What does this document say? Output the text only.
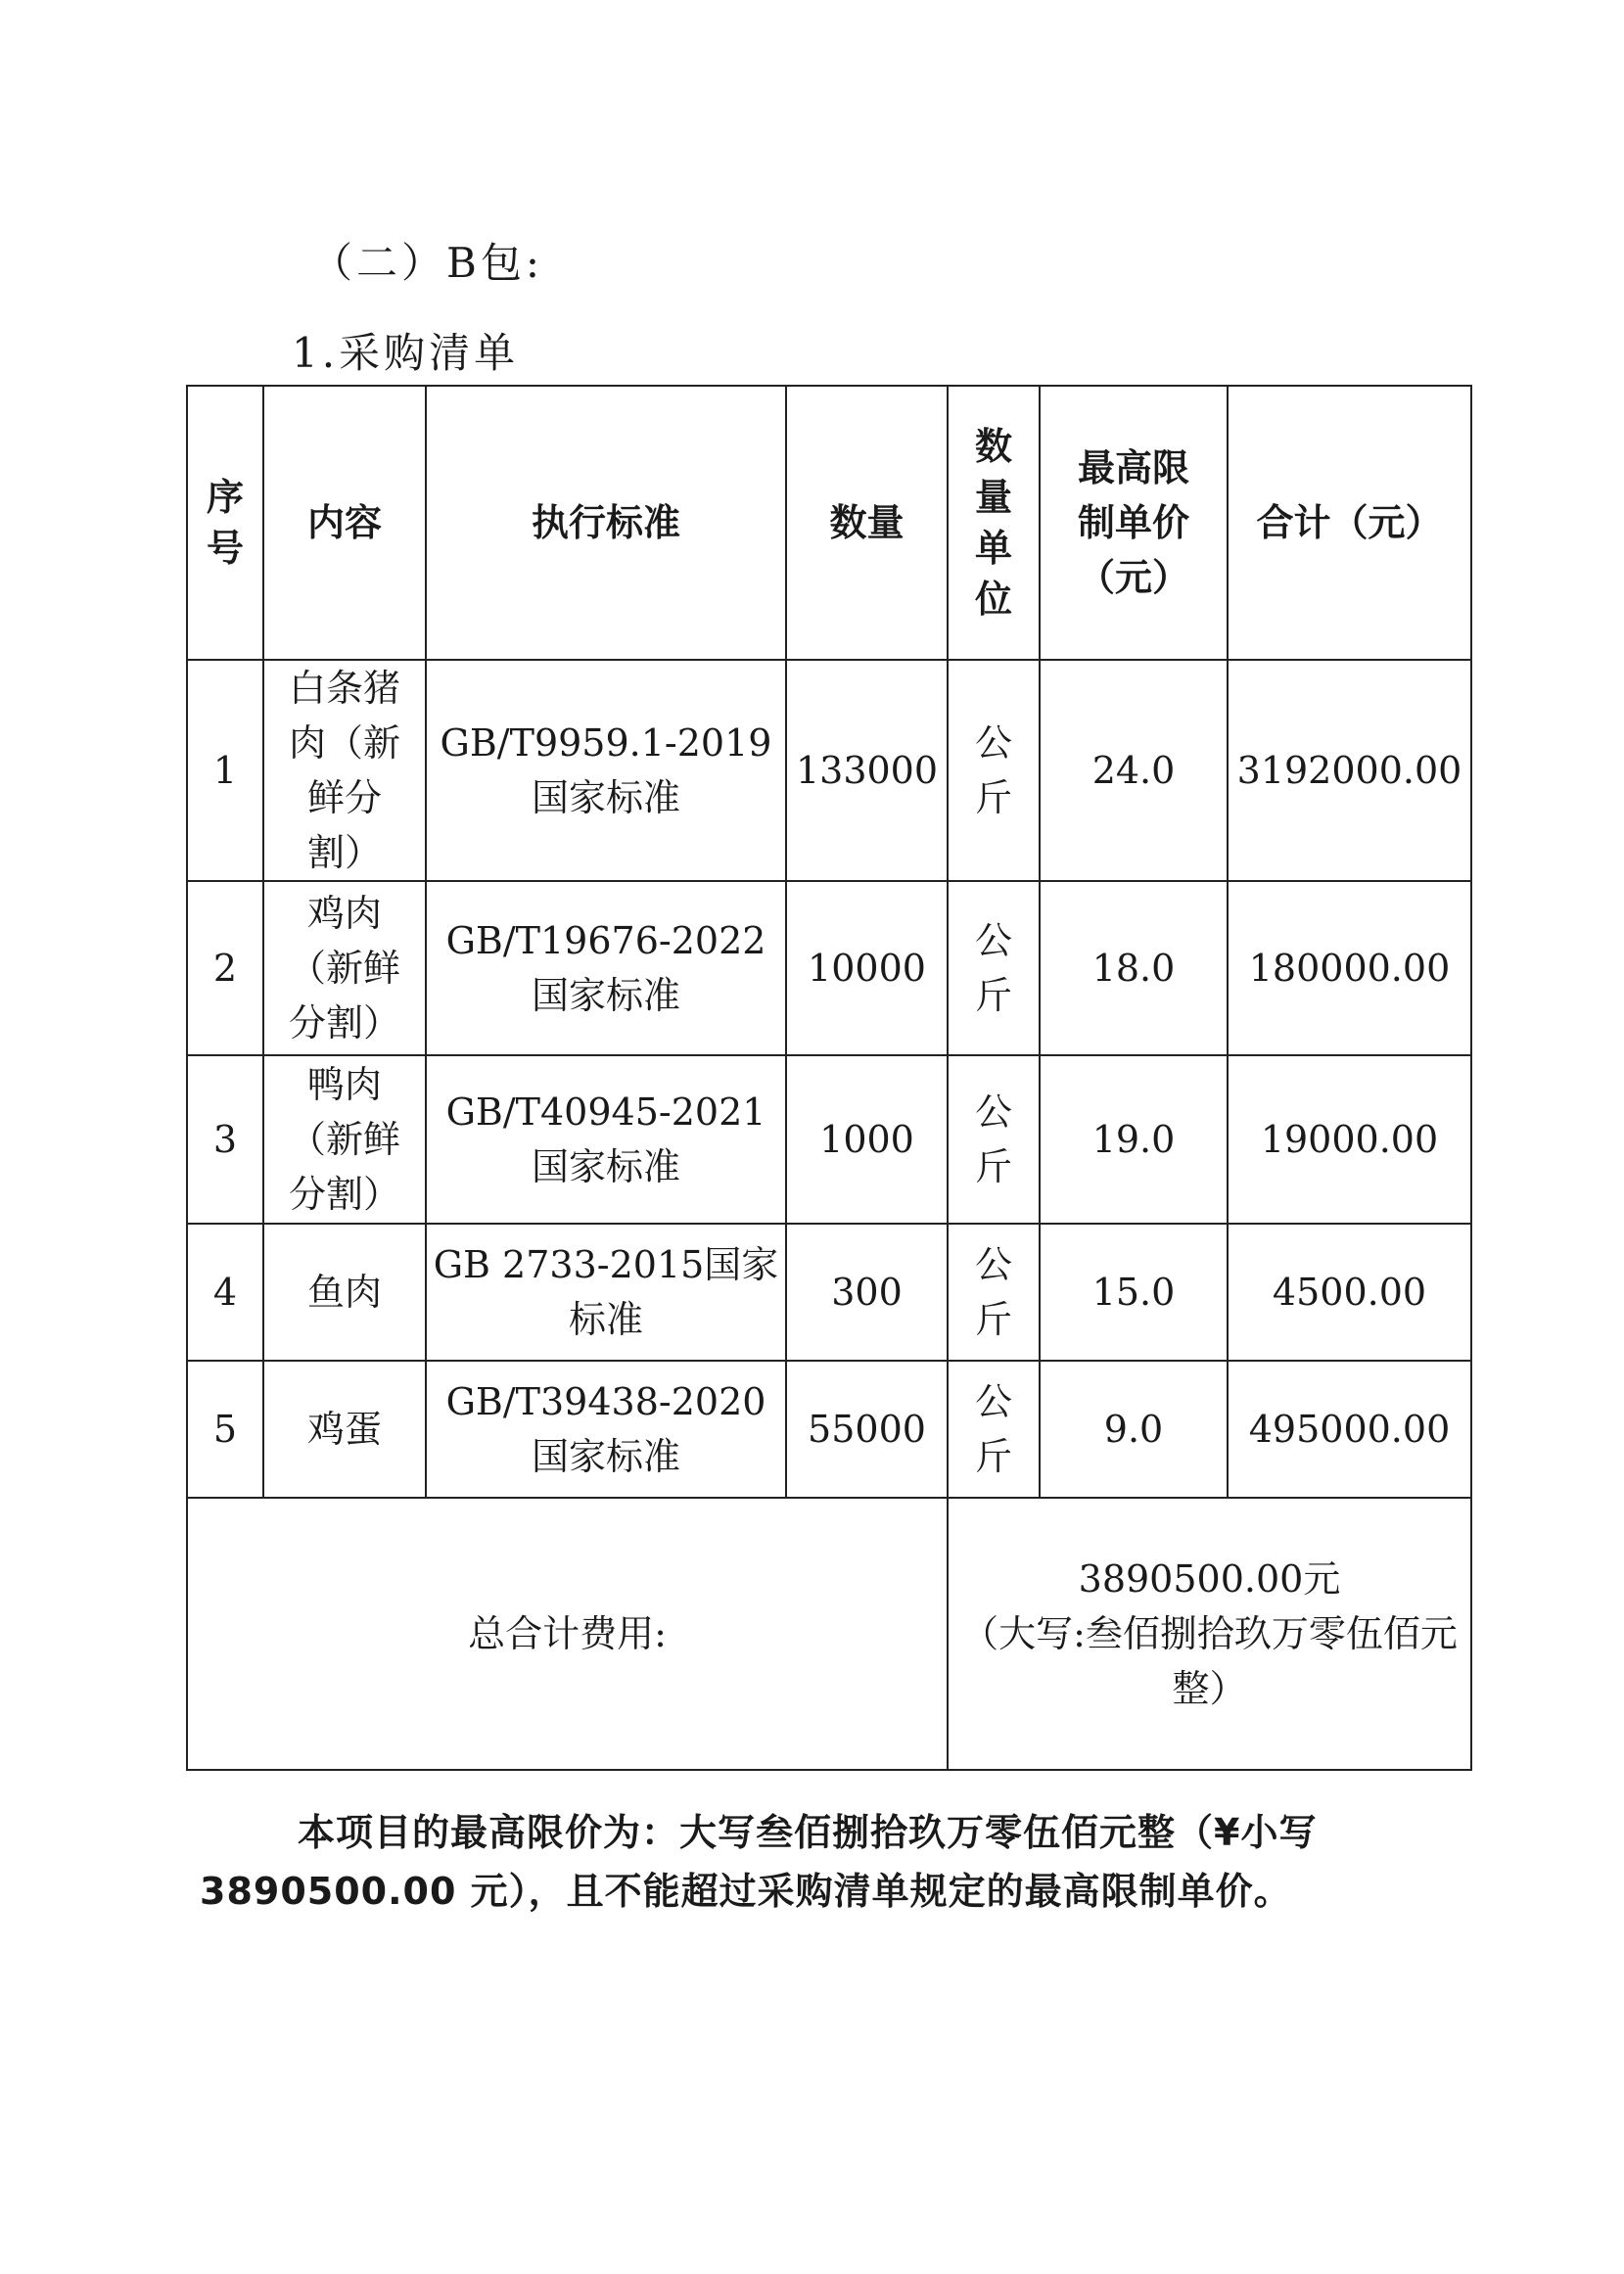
（二）B包:
1.采购清单
序号	内容	执行标准	数量	数量单位	最高限制单价（元）	合计（元）
1	白条猪肉（新鲜分割）	GB/T9959.1-2019国家标准	133000	公斤	24.0	3192000.00
2	鸡肉（新鲜分割）	GB/T19676-2022国家标准	10000	公斤	18.0	180000.00
3	鸭肉（新鲜分割）	GB/T40945-2021国家标准	1000	公斤	19.0	19000.00
4	鱼肉	GB 2733-2015国家标准	300	公斤	15.0	4500.00
5	鸡蛋	GB/T39438-2020国家标准	55000	公斤	9.0	495000.00
总合计费用:				3890500.00元
（大写:叁佰捌拾玖万零伍佰元整）		
本项目的最高限价为：大写叁佰捌拾玖万零伍佰元整（¥小写3890500.00 元），且不能超过采购清单规定的最高限制单价。
